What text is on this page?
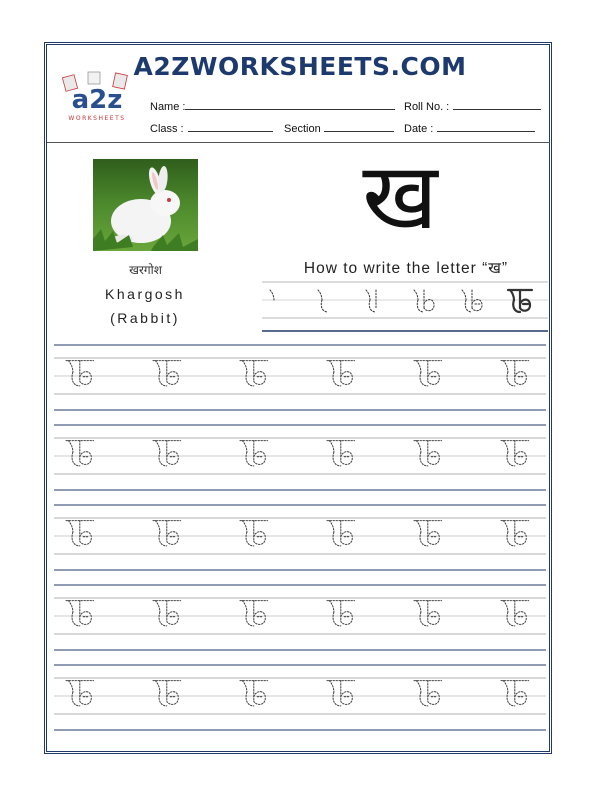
A2ZWORKSHEETS.COM
a2z
WORKSHEETS
Name :	Roll No. :
Class :	Section	Date :
खरगोश
Khargosh
(Rabbit)
ख
How to write the letter “ख”
